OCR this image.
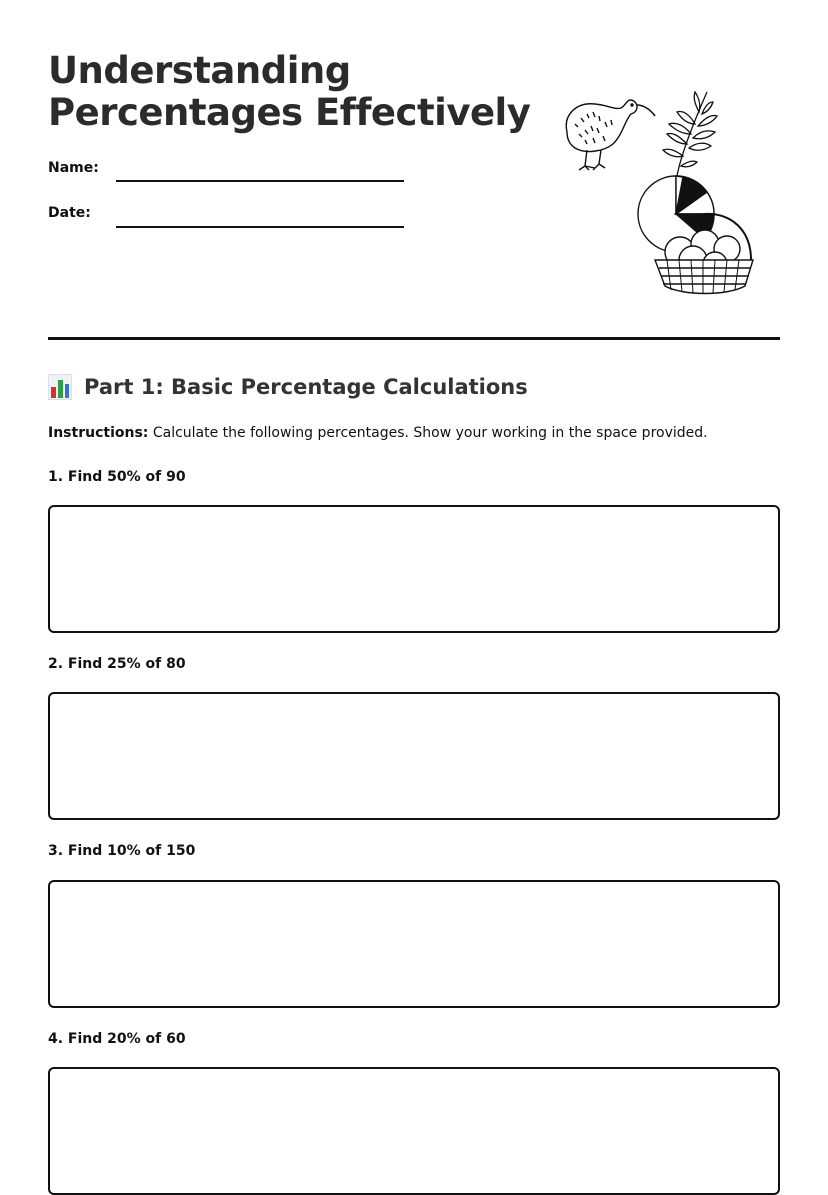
Understanding
Percentages Effectively
Name:
Date:
Part 1: Basic Percentage Calculations
Instructions: Calculate the following percentages. Show your working in the space provided.
1. Find 50% of 90
2. Find 25% of 80
3. Find 10% of 150
4. Find 20% of 60
